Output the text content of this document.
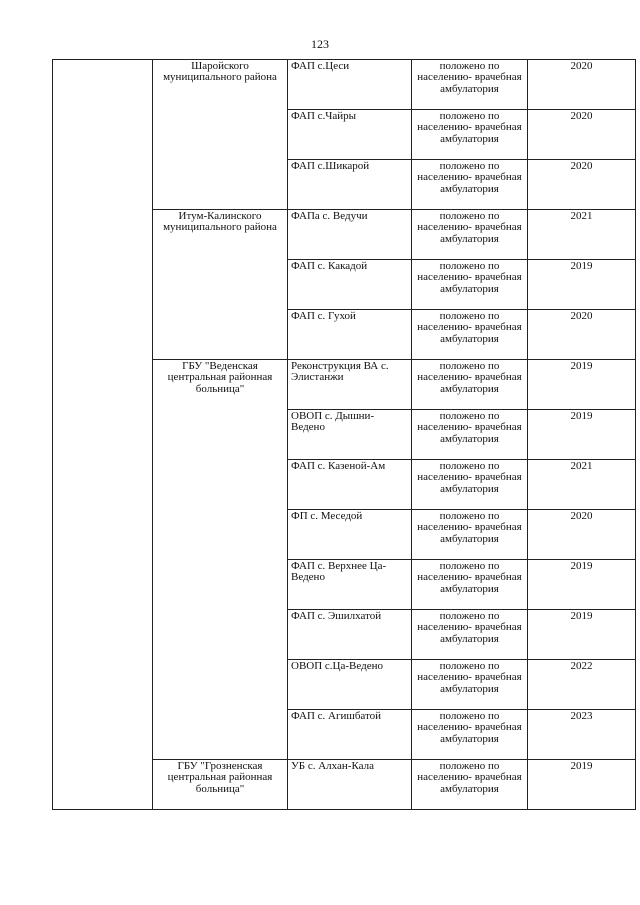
123
	Шаройского муниципального района	ФАП с.Цеси	положено по населению- врачебная амбулатория	2020
		ФАП с.Чайры	положено по населению- врачебная амбулатория	2020
		ФАП с.Шикарой	положено по населению- врачебная амбулатория	2020
	Итум-Калинского муниципального района	ФАПа с. Ведучи	положено по населению- врачебная амбулатория	2021
		ФАП с. Какадой	положено по населению- врачебная амбулатория	2019
		ФАП с. Гухой	положено по населению- врачебная амбулатория	2020
	ГБУ "Веденская центральная районная больница"	Реконструкция ВА с. Элистанжи	положено по населению- врачебная амбулатория	2019
		ОВОП с. Дышни-Ведено	положено по населению- врачебная амбулатория	2019
		ФАП с. Казеной-Ам	положено по населению- врачебная амбулатория	2021
		ФП с. Меседой	положено по населению- врачебная амбулатория	2020
		ФАП с. Верхнее Ца-Ведено	положено по населению- врачебная амбулатория	2019
		ФАП с. Эшилхатой	положено по населению- врачебная амбулатория	2019
		ОВОП с.Ца-Ведено	положено по населению- врачебная амбулатория	2022
		ФАП с. Агишбатой	положено по населению- врачебная амбулатория	2023
	ГБУ "Грозненская центральная районная больница"	УБ с. Алхан-Кала	положено по населению- врачебная амбулатория	2019
